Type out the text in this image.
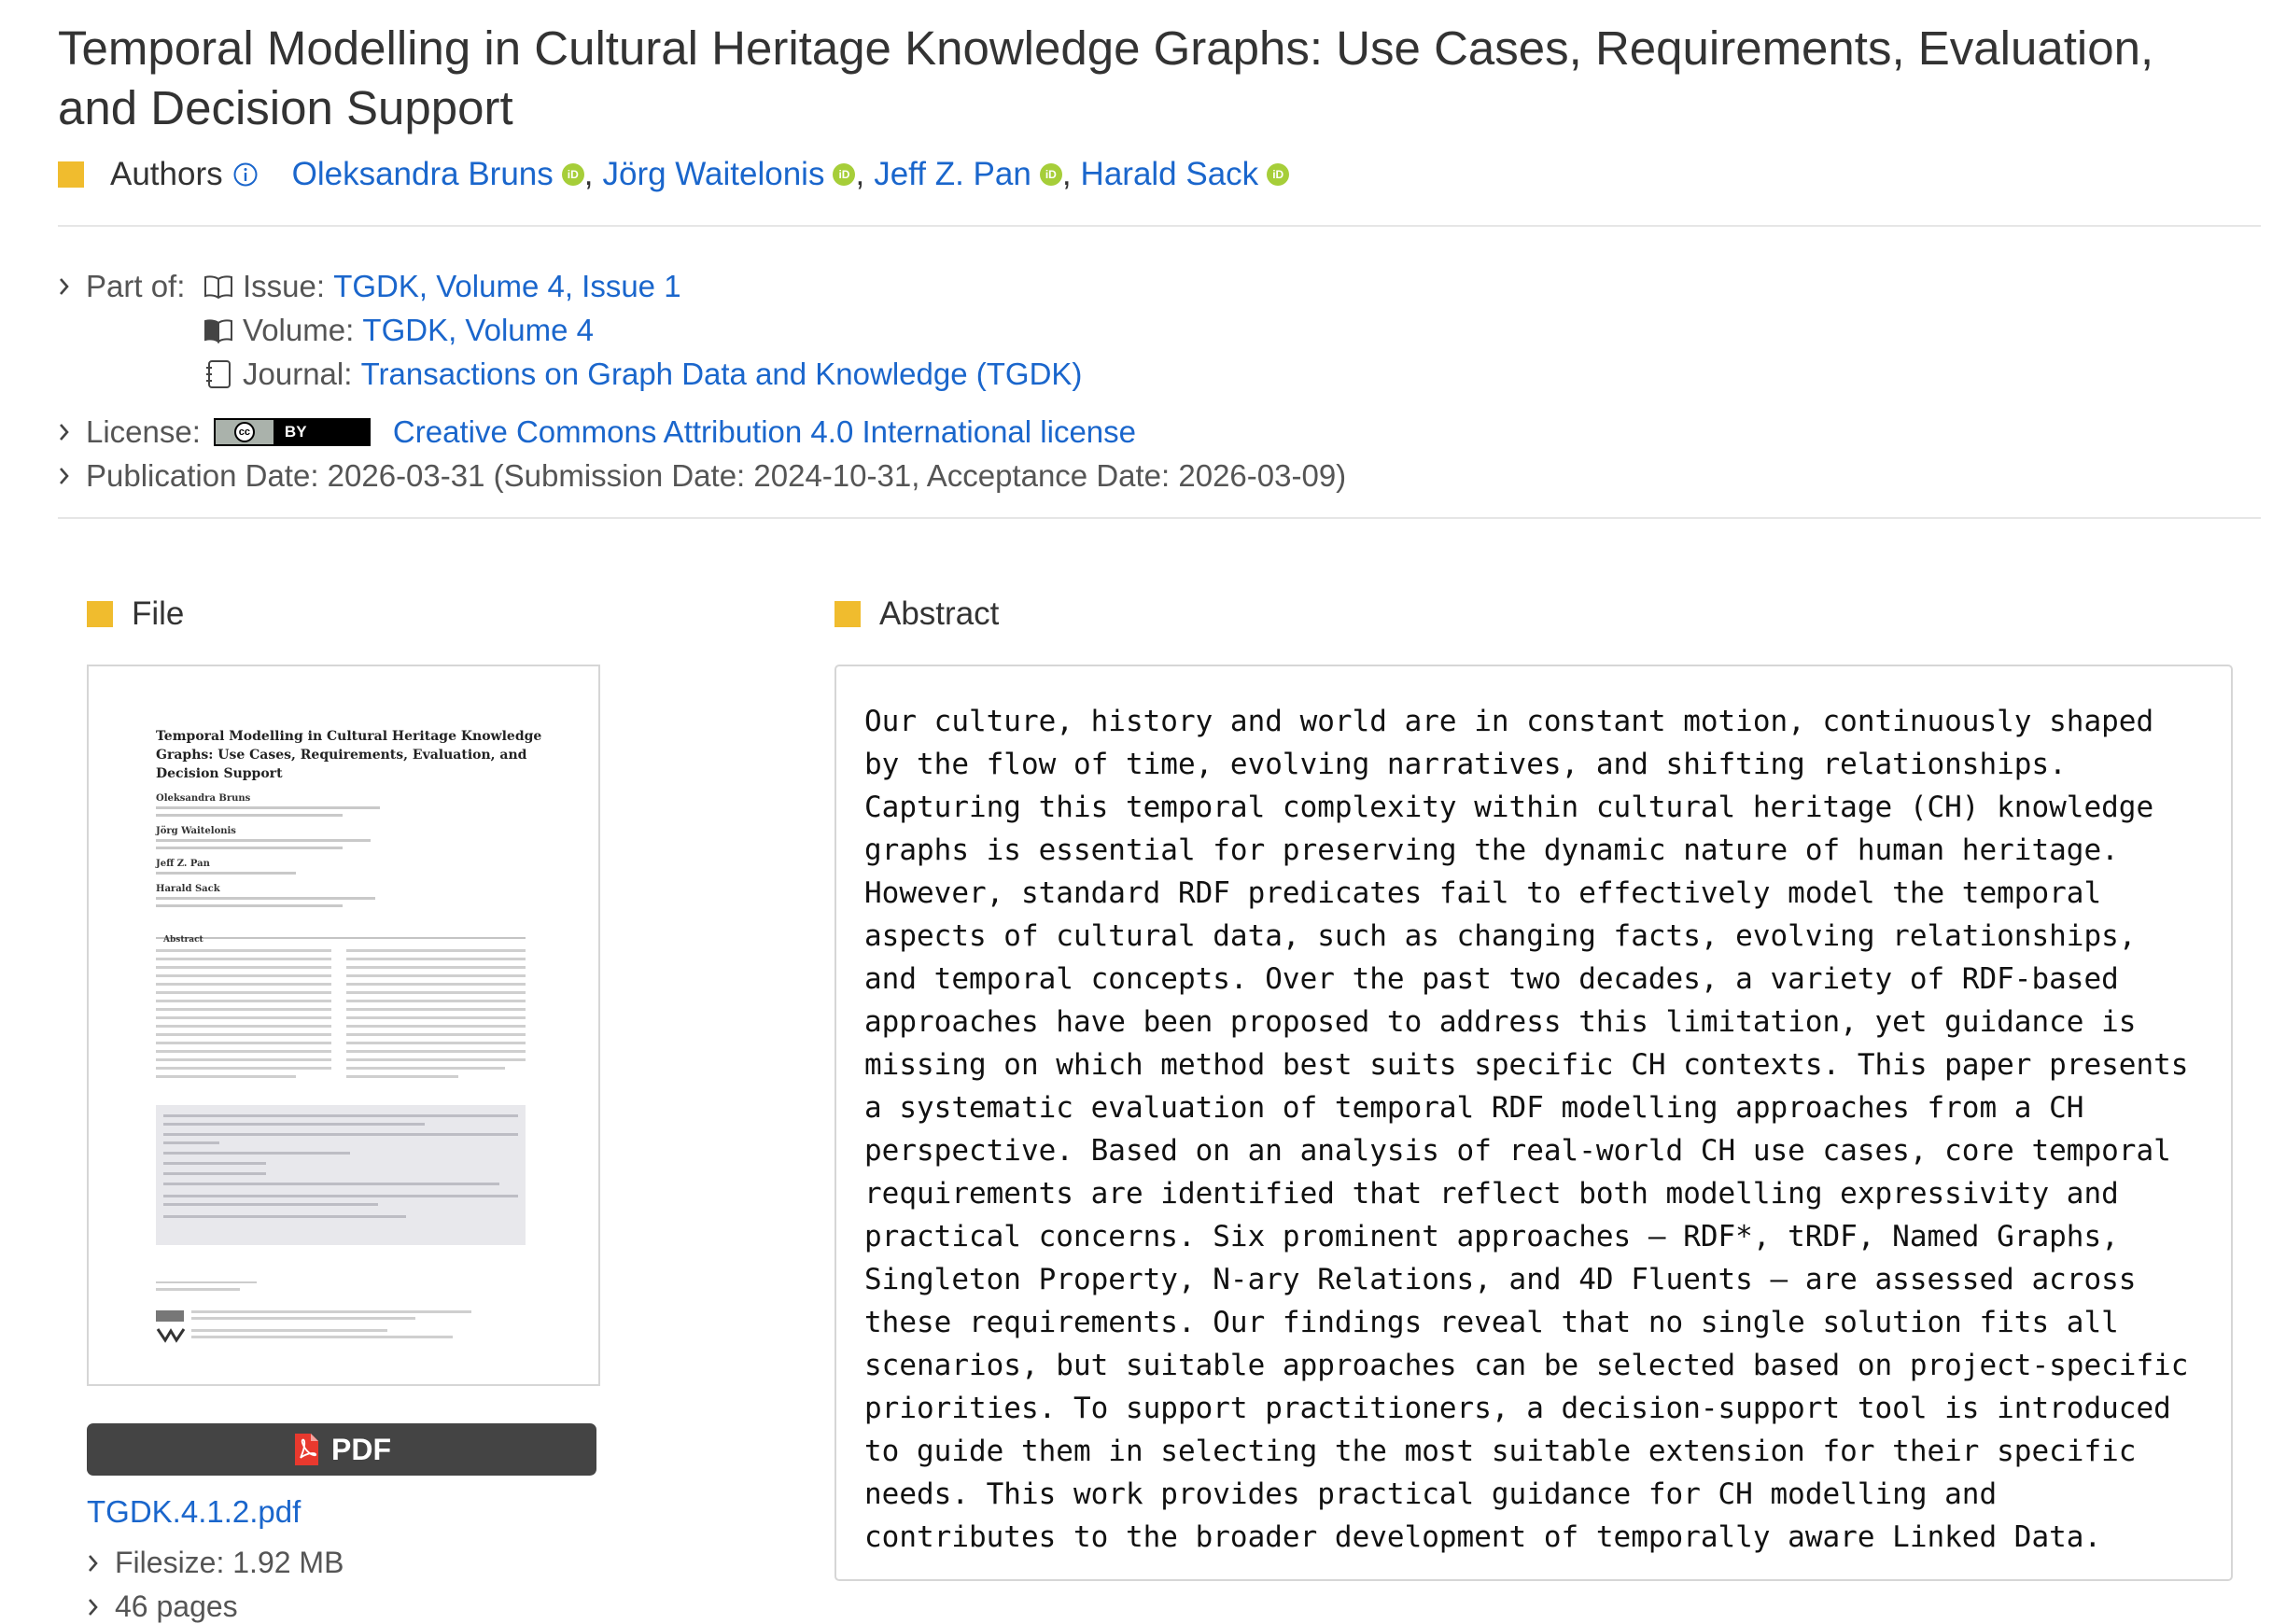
Temporal Modelling in Cultural Heritage Knowledge Graphs: Use Cases, Requirements, Evaluation, and Decision Support
Authors Oleksandra Bruns	iD , Jörg Waitelonis	iD , Jeff Z. Pan	iD , Harald Sack	iD
Part of:	Issue:
TGDK, Volume 4, Issue 1
Volume:
TGDK, Volume 4
Journal:
Transactions on Graph Data and Knowledge (TGDK)
License:	cc BY	Creative Commons Attribution 4.0 International license
Publication Date: 2026-03-31 (Submission Date: 2024-10-31, Acceptance Date: 2026-03-09)
File	Abstract
Temporal Modelling in Cultural Heritage Knowledge
Graphs: Use Cases, Requirements, Evaluation, and
Decision Support
Oleksandra Bruns
Jörg Waitelonis
Jeff Z. Pan
Harald Sack
Abstract
PDF
TGDK.4.1.2.pdf
Filesize: 1.92 MB
46 pages

Our culture, history and world are in constant motion, continuously shaped by the flow of time, evolving narratives, and shifting relationships. Capturing this temporal complexity within cultural heritage (CH) knowledge graphs is essential for preserving the dynamic nature of human heritage. However, standard RDF predicates fail to effectively model the temporal aspects of cultural data, such as changing facts, evolving relationships, and temporal concepts. Over the past two decades, a variety of RDF-based approaches have been proposed to address this limitation, yet guidance is missing on which method best suits specific CH contexts. This paper presents a systematic evaluation of temporal RDF modelling approaches from a CH perspective. Based on an analysis of real-world CH use cases, core temporal requirements are identified that reflect both modelling expressivity and practical concerns. Six prominent approaches – RDF*, tRDF, Named Graphs, Singleton Property, N-ary Relations, and 4D Fluents – are assessed across these requirements. Our findings reveal that no single solution fits all scenarios, but suitable approaches can be selected based on project-specific priorities. To support practitioners, a decision-support tool is introduced to guide them in selecting the most suitable extension for their specific needs. This work provides practical guidance for CH modelling and contributes to the broader development of temporally aware Linked Data.
